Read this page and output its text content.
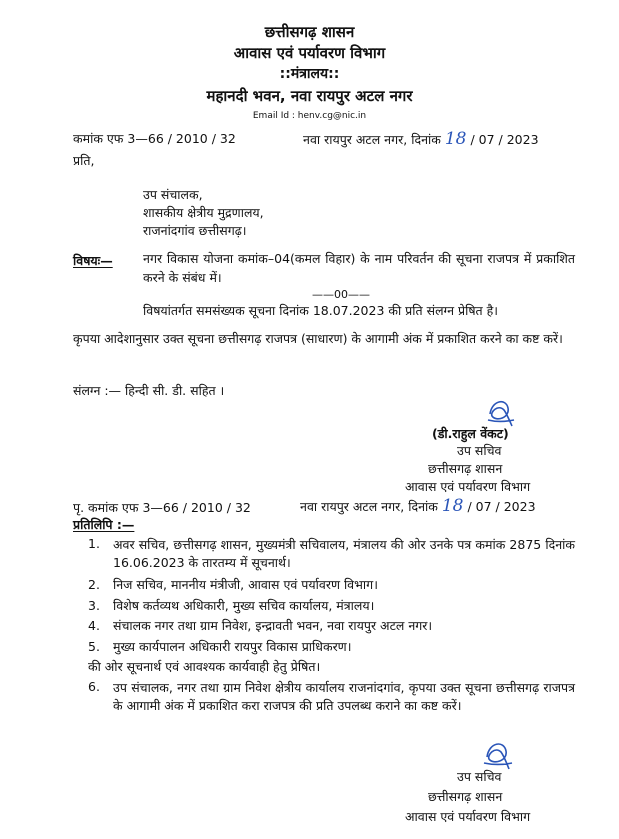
छत्तीसगढ़ शासन
आवास एवं पर्यावरण विभाग
::मंत्रालय::
महानदी भवन, नवा रायपुर अटल नगर
Email Id : henv.cg@nic.in
कमांक एफ 3—66 / 2010 / 32	नवा रायपुर अटल नगर, दिनांक 18 / 07 / 2023
प्रति,
उप संचालक,
शासकीय क्षेत्रीय मुद्रणालय,
राजनांदगांव छत्तीसगढ़।
विषयः— नगर विकास योजना कमांक–04(कमल विहार) के नाम परिवर्तन की सूचना राजपत्र में प्रकाशित करने के संबंध में।
——00——
विषयांतर्गत समसंख्यक सूचना दिनांक 18.07.2023 की प्रति संलग्न प्रेषित है।
कृपया आदेशानुसार उक्त सूचना छत्तीसगढ़ राजपत्र (साधारण) के आगामी अंक में प्रकाशित करने का कष्ट करें।
संलग्न :— हिन्दी सी. डी. सहित ।
(डी.राहुल वेंकट)
उप सचिव
छत्तीसगढ़ शासन
आवास एवं पर्यावरण विभाग
पृ. कमांक एफ 3—66 / 2010 / 32	नवा रायपुर अटल नगर, दिनांक 18 / 07 / 2023
प्रतिलिपि :—
1. अवर सचिव, छत्तीसगढ़ शासन, मुख्यमंत्री सचिवालय, मंत्रालय की ओर उनके पत्र कमांक 2875 दिनांक 16.06.2023 के तारतम्य में सूचनार्थ।
2. निज सचिव, माननीय मंत्रीजी, आवास एवं पर्यावरण विभाग।
3. विशेष कर्तव्यथ अधिकारी, मुख्य सचिव कार्यालय, मंत्रालय।
4. संचालक नगर तथा ग्राम निवेश, इन्द्रावती भवन, नवा रायपुर अटल नगर।
5. मुख्य कार्यपालन अधिकारी रायपुर विकास प्राधिकरण।
की ओर सूचनार्थ एवं आवश्यक कार्यवाही हेतु प्रेषित।
6. उप संचालक, नगर तथा ग्राम निवेश क्षेत्रीय कार्यालय राजनांदगांव, कृपया उक्त सूचना छत्तीसगढ़ राजपत्र के आगामी अंक में प्रकाशित करा राजपत्र की प्रति उपलब्ध कराने का कष्ट करें।
उप सचिव
छत्तीसगढ़ शासन
आवास एवं पर्यावरण विभाग
